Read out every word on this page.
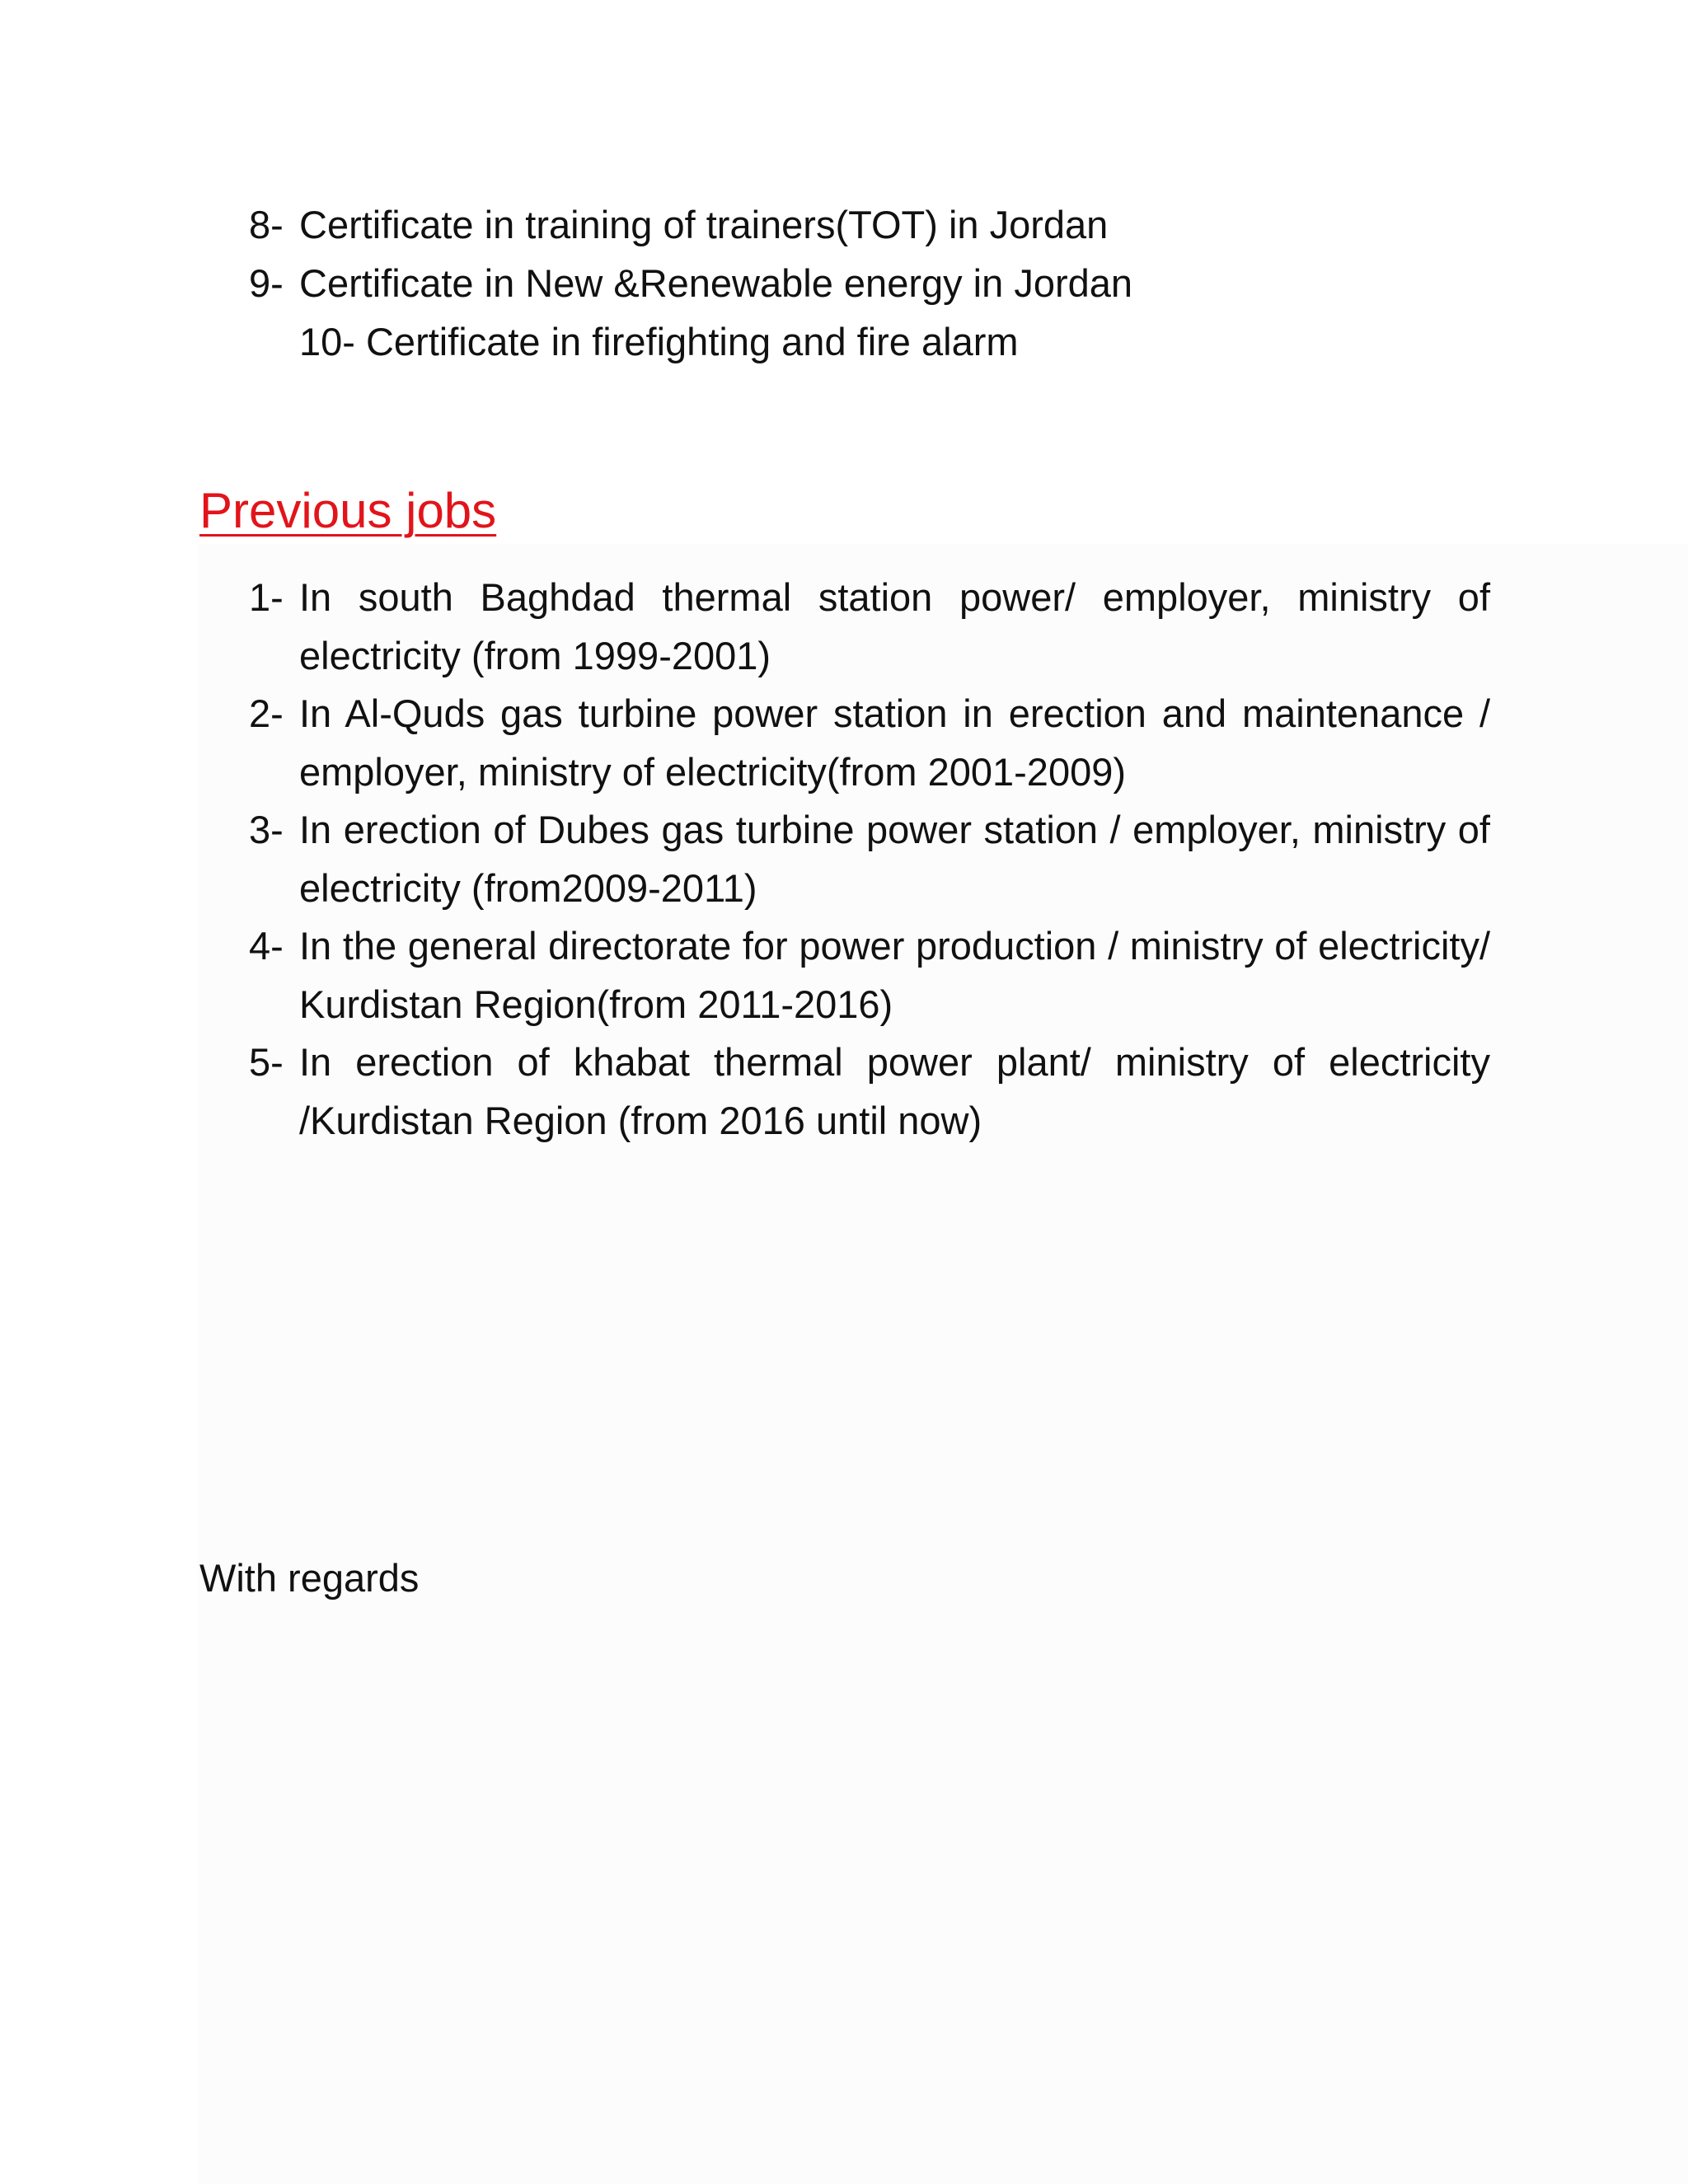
8- Certificate in training of trainers(TOT) in Jordan
9- Certificate in New &Renewable energy in Jordan
10- Certificate in firefighting and fire alarm
Previous jobs
1- In south Baghdad thermal station power/ employer, ministry of electricity (from 1999-2001)
2- In Al-Quds gas turbine power station in erection and maintenance / employer, ministry of electricity(from 2001-2009)
3- In erection of Dubes gas turbine power station / employer, ministry of electricity (from2009-2011)
4- In the general directorate for power production / ministry of electricity/ Kurdistan Region(from 2011-2016)
5- In erection of khabat thermal power plant/ ministry of electricity /Kurdistan Region (from 2016 until now)

With regards
